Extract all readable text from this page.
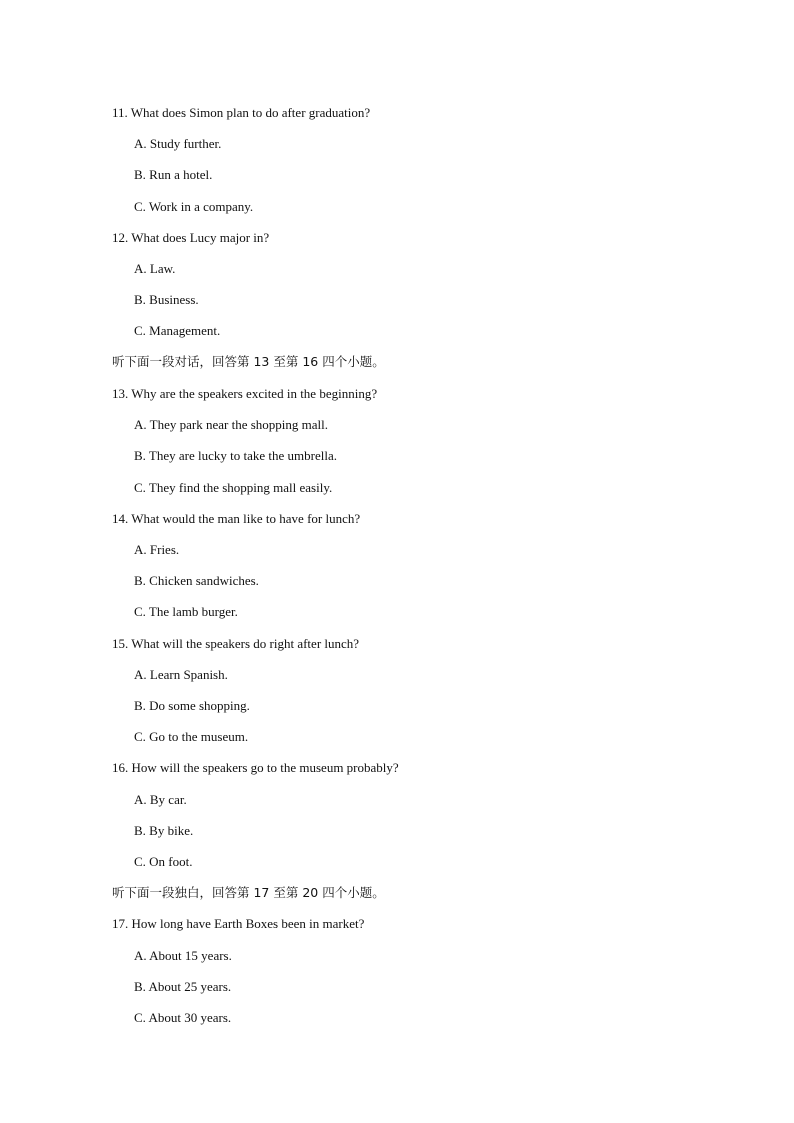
11. What does Simon plan to do after graduation?
A. Study further.
B. Run a hotel.
C. Work in a company.
12. What does Lucy major in?
A. Law.
B. Business.
C. Management.
听下面一段对话，回答第 13 至第 16 四个小题。
13. Why are the speakers excited in the beginning?
A. They park near the shopping mall.
B. They are lucky to take the umbrella.
C. They find the shopping mall easily.
14. What would the man like to have for lunch?
A. Fries.
B. Chicken sandwiches.
C. The lamb burger.
15. What will the speakers do right after lunch?
A. Learn Spanish.
B. Do some shopping.
C. Go to the museum.
16. How will the speakers go to the museum probably?
A. By car.
B. By bike.
C. On foot.
听下面一段独白，回答第 17 至第 20 四个小题。
17. How long have Earth Boxes been in market?
A. About 15 years.
B. About 25 years.
C. About 30 years.
